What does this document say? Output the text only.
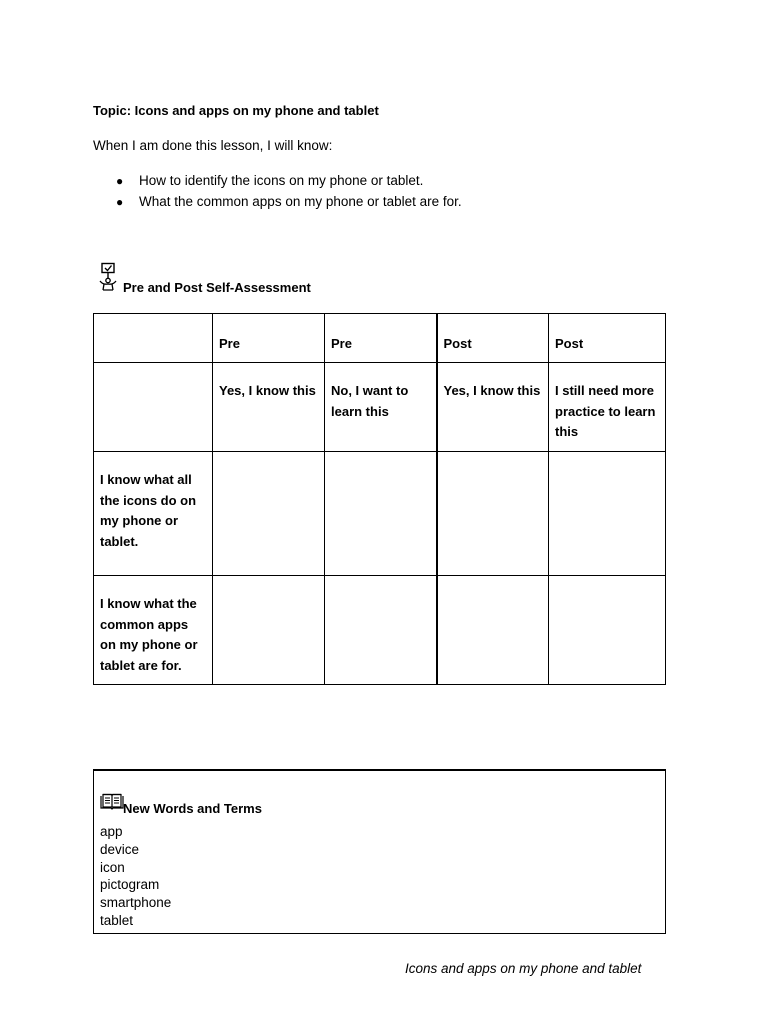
Topic: Icons and apps on my phone and tablet
When I am done this lesson, I will know:
● How to identify the icons on my phone or tablet.
● What the common apps on my phone or tablet are for.
Pre and Post Self-Assessment
	Pre	Pre	Post	Post
	Yes, I know this	No, I want to learn this	Yes, I know this	I still need more practice to learn this
I know what all the icons do on my phone or tablet.				
I know what the common apps on my phone or tablet are for.				
New Words and Terms
app
device
icon
pictogram
smartphone
tablet
Icons and apps on my phone and tablet
